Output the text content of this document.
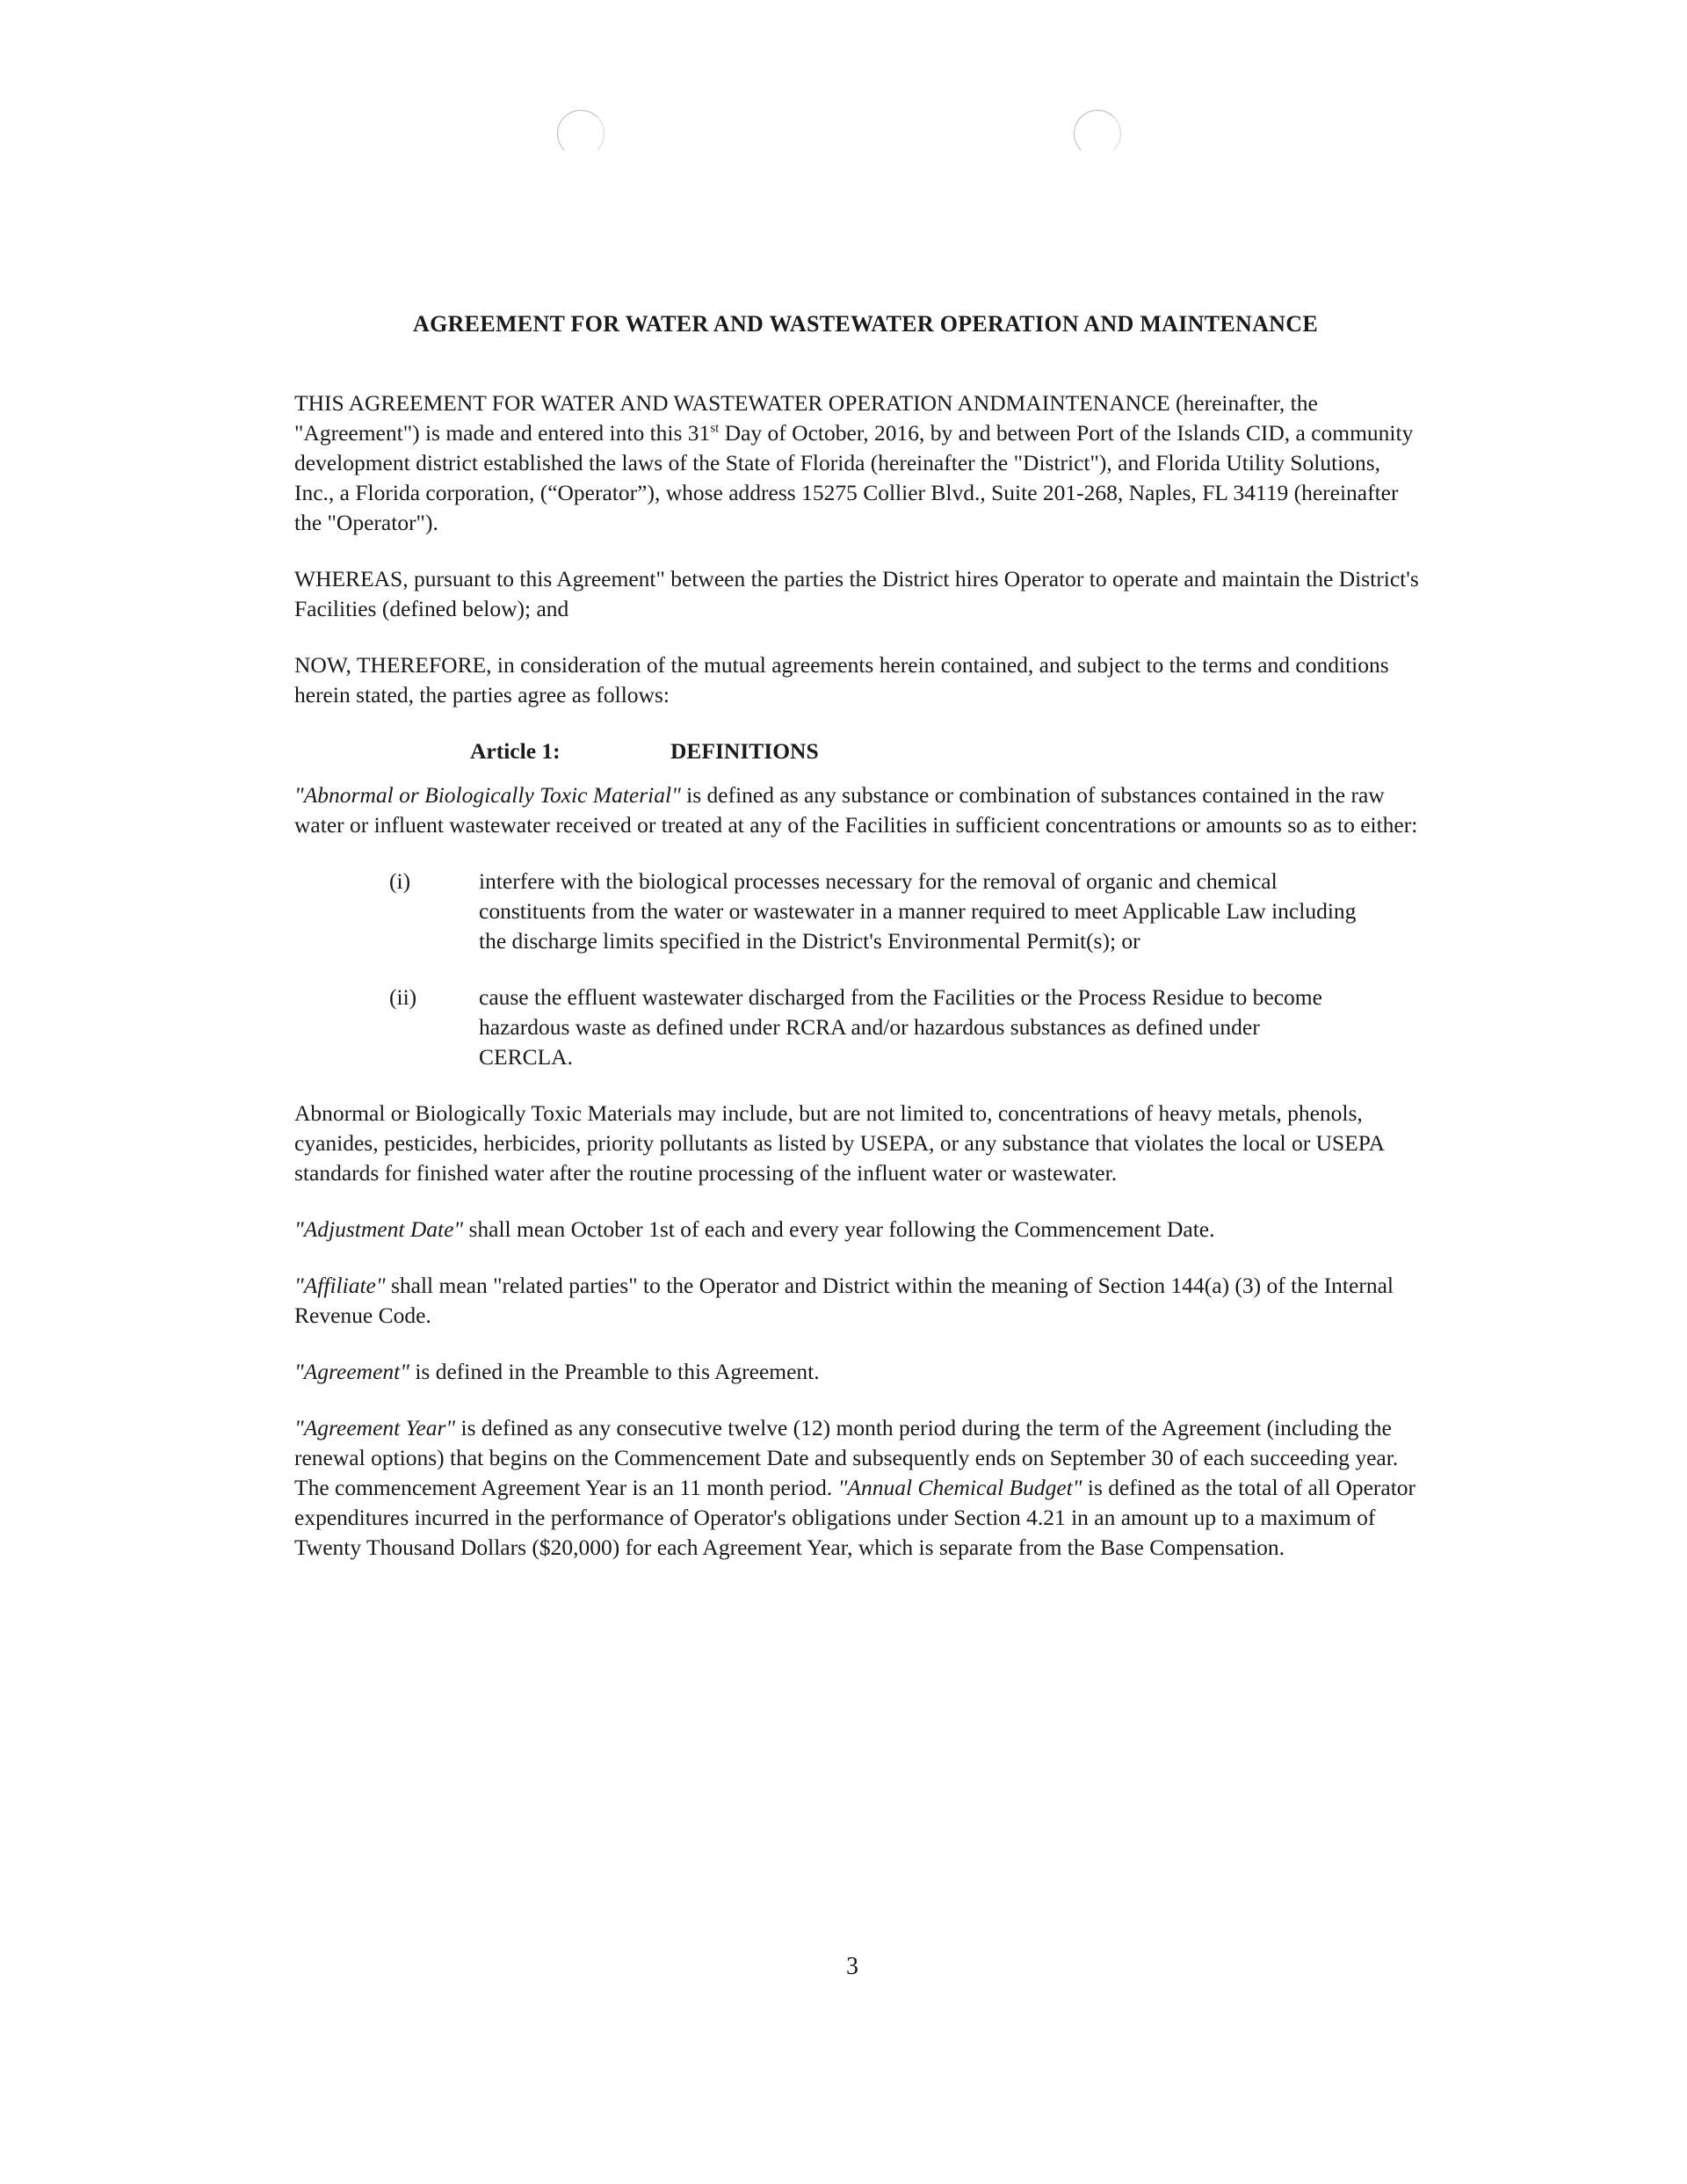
AGREEMENT FOR WATER AND WASTEWATER OPERATION AND MAINTENANCE

THIS AGREEMENT FOR WATER AND WASTEWATER OPERATION ANDMAINTENANCE (hereinafter, the "Agreement") is made and entered into this 31st Day of October, 2016, by and between Port of the Islands CID, a community development district established the laws of the State of Florida (hereinafter the "District"), and Florida Utility Solutions, Inc., a Florida corporation, (“Operator”), whose address 15275 Collier Blvd., Suite 201-268, Naples, FL 34119 (hereinafter the "Operator").

WHEREAS, pursuant to this Agreement" between the parties the District hires Operator to operate and maintain the District's Facilities (defined below); and

NOW, THEREFORE, in consideration of the mutual agreements herein contained, and subject to the terms and conditions herein stated, the parties agree as follows:

Article 1:	DEFINITIONS

"Abnormal or Biologically Toxic Material" is defined as any substance or combination of substances contained in the raw water or influent wastewater received or treated at any of the Facilities in sufficient concentrations or amounts so as to either:

(i)	interfere with the biological processes necessary for the removal of organic and chemical constituents from the water or wastewater in a manner required to meet Applicable Law including the discharge limits specified in the District's Environmental Permit(s); or
(ii)	cause the effluent wastewater discharged from the Facilities or the Process Residue to become hazardous waste as defined under RCRA and/or hazardous substances as defined under CERCLA.

Abnormal or Biologically Toxic Materials may include, but are not limited to, concentrations of heavy metals, phenols, cyanides, pesticides, herbicides, priority pollutants as listed by USEPA, or any substance that violates the local or USEPA standards for finished water after the routine processing of the influent water or wastewater.

"Adjustment Date" shall mean October 1st of each and every year following the Commencement Date.

"Affiliate" shall mean "related parties" to the Operator and District within the meaning of Section 144(a) (3) of the Internal Revenue Code.

"Agreement" is defined in the Preamble to this Agreement.

"Agreement Year" is defined as any consecutive twelve (12) month period during the term of the Agreement (including the renewal options) that begins on the Commencement Date and subsequently ends on September 30 of each succeeding year. The commencement Agreement Year is an 11 month period. "Annual Chemical Budget" is defined as the total of all Operator expenditures incurred in the performance of Operator's obligations under Section 4.21 in an amount up to a maximum of Twenty Thousand Dollars ($20,000) for each Agreement Year, which is separate from the Base Compensation.

3
